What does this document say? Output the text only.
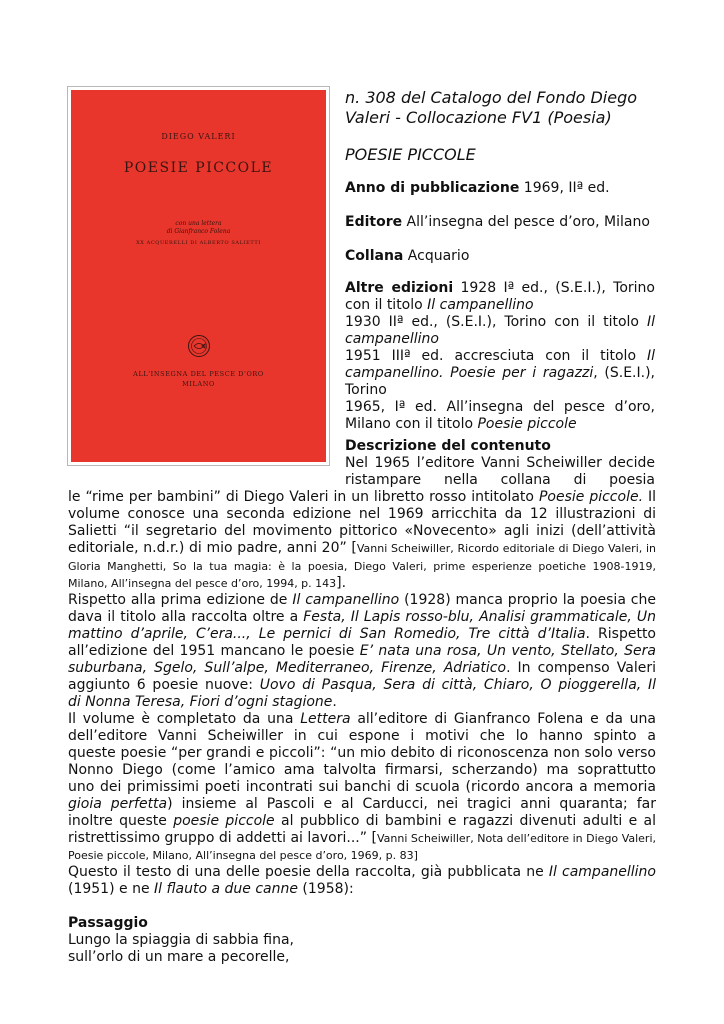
DIEGO VALERI
POESIE PICCOLE
con una lettera
di Gianfranco Folena
XX ACQUERELLI DI ALBERTO SALIETTI
ALL'INSEGNA DEL PESCE D'ORO
MILANO
n. 308 del Catalogo del Fondo Diego
Valeri - Collocazione FV1 (Poesia)
POESIE PICCOLE
Anno di pubblicazione 1969, IIª ed.
Editore All’insegna del pesce d’oro, Milano
Collana Acquario
Altre edizioni 1928 Iª ed., (S.E.I.), Torino
con il titolo Il campanellino
1930 IIª ed., (S.E.I.), Torino con il titolo Il
campanellino
1951 IIIª ed. accresciuta con il titolo Il
campanellino. Poesie per i ragazzi, (S.E.I.),
Torino
1965, Iª ed. All’insegna del pesce d’oro,
Milano con il titolo Poesie piccole
Descrizione del contenuto
Nel 1965 l’editore Vanni Scheiwiller decide
ristampare nella collana di poesia
le “rime per bambini” di Diego Valeri in un libretto rosso intitolato Poesie piccole. Il
volume conosce una seconda edizione nel 1969 arricchita da 12 illustrazioni di
Salietti “il segretario del movimento pittorico «Novecento» agli inizi (dell’attività
editoriale, n.d.r.) di mio padre, anni 20” [Vanni Scheiwiller, Ricordo editoriale di Diego Valeri, in
Gloria Manghetti, So la tua magia: è la poesia, Diego Valeri, prime esperienze poetiche 1908-1919,
Milano, All’insegna del pesce d’oro, 1994, p. 143].
Rispetto alla prima edizione de Il campanellino (1928) manca proprio la poesia che
dava il titolo alla raccolta oltre a Festa, Il Lapis rosso-blu, Analisi grammaticale, Un
mattino d’aprile, C’era..., Le pernici di San Romedio, Tre città d’Italia. Rispetto
all’edizione del 1951 mancano le poesie E’ nata una rosa, Un vento, Stellato, Sera
suburbana, Sgelo, Sull’alpe, Mediterraneo, Firenze, Adriatico. In compenso Valeri
aggiunto 6 poesie nuove: Uovo di Pasqua, Sera di città, Chiaro, O pioggerella, Il
di Nonna Teresa, Fiori d’ogni stagione.
Il volume è completato da una Lettera all’editore di Gianfranco Folena e da una
dell’editore Vanni Scheiwiller in cui espone i motivi che lo hanno spinto a
queste poesie “per grandi e piccoli”: “un mio debito di riconoscenza non solo verso
Nonno Diego (come l’amico ama talvolta firmarsi, scherzando) ma soprattutto
uno dei primissimi poeti incontrati sui banchi di scuola (ricordo ancora a memoria
gioia perfetta) insieme al Pascoli e al Carducci, nei tragici anni quaranta; far
inoltre queste poesie piccole al pubblico di bambini e ragazzi divenuti adulti e al
ristrettissimo gruppo di addetti ai lavori...” [Vanni Scheiwiller, Nota dell’editore in Diego Valeri,
Poesie piccole, Milano, All’insegna del pesce d’oro, 1969, p. 83]
Questo il testo di una delle poesie della raccolta, già pubblicata ne Il campanellino
(1951) e ne Il flauto a due canne (1958):
Passaggio
Lungo la spiaggia di sabbia fina,
sull’orlo di un mare a pecorelle,
